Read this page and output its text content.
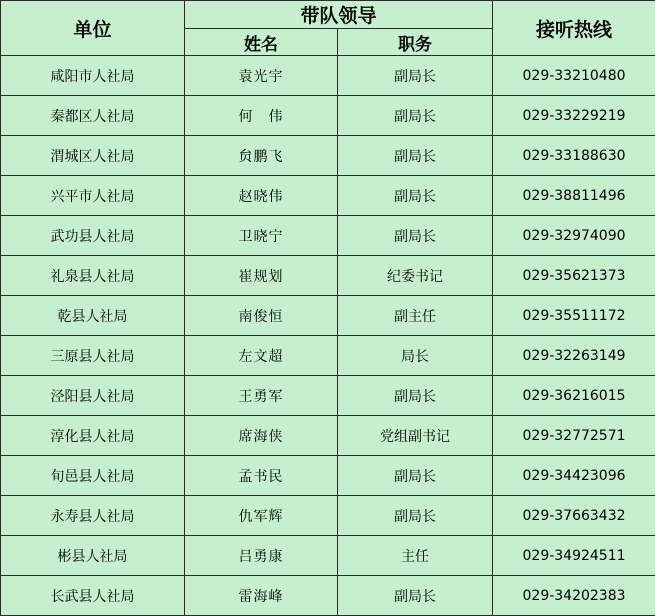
单位	带队领导		接听热线
	姓名	职务	
咸阳市人社局	袁光宇	副局长	029-33210480
秦都区人社局	何　伟	副局长	029-33229219
渭城区人社局	贠鹏飞	副局长	029-33188630
兴平市人社局	赵晓伟	副局长	029-38811496
武功县人社局	卫晓宁	副局长	029-32974090
礼泉县人社局	崔规划	纪委书记	029-35621373
乾县人社局	南俊恒	副主任	029-35511172
三原县人社局	左文超	局长	029-32263149
泾阳县人社局	王勇军	副局长	029-36216015
淳化县人社局	席海侠	党组副书记	029-32772571
旬邑县人社局	孟书民	副局长	029-34423096
永寿县人社局	仇军辉	副局长	029-37663432
彬县人社局	吕勇康	主任	029-34924511
长武县人社局	雷海峰	副局长	029-34202383
